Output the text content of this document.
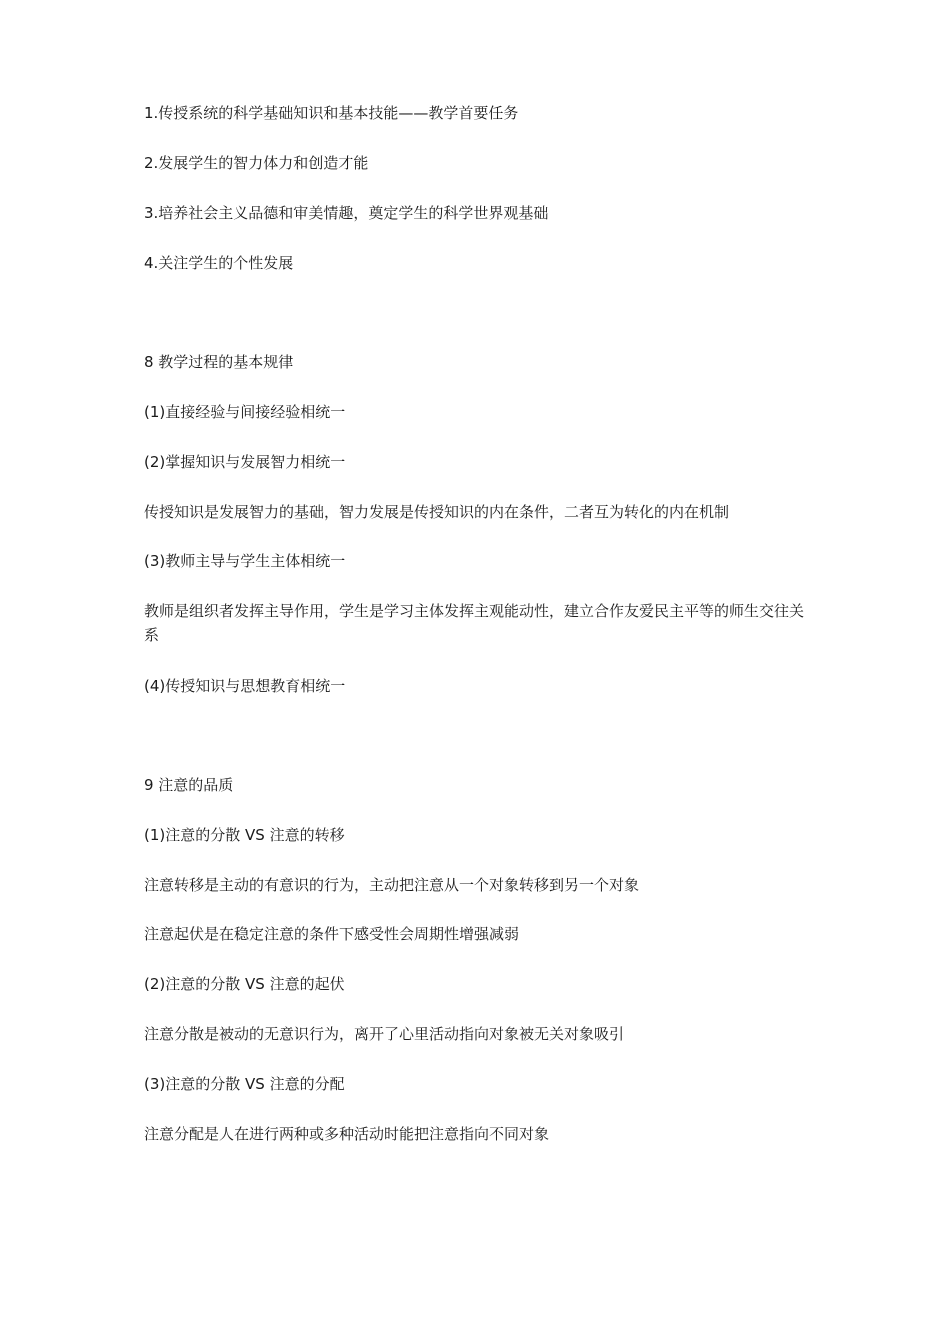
1.传授系统的科学基础知识和基本技能——教学首要任务
2.发展学生的智力体力和创造才能
3.培养社会主义品德和审美情趣，奠定学生的科学世界观基础
4.关注学生的个性发展
8 教学过程的基本规律
(1)直接经验与间接经验相统一
(2)掌握知识与发展智力相统一
传授知识是发展智力的基础，智力发展是传授知识的内在条件，二者互为转化的内在机制
(3)教师主导与学生主体相统一
教师是组织者发挥主导作用，学生是学习主体发挥主观能动性，建立合作友爱民主平等的师生交往关系
(4)传授知识与思想教育相统一
9 注意的品质
(1)注意的分散 VS 注意的转移
注意转移是主动的有意识的行为，主动把注意从一个对象转移到另一个对象
注意起伏是在稳定注意的条件下感受性会周期性增强减弱
(2)注意的分散 VS 注意的起伏
注意分散是被动的无意识行为，离开了心里活动指向对象被无关对象吸引
(3)注意的分散 VS 注意的分配
注意分配是人在进行两种或多种活动时能把注意指向不同对象
